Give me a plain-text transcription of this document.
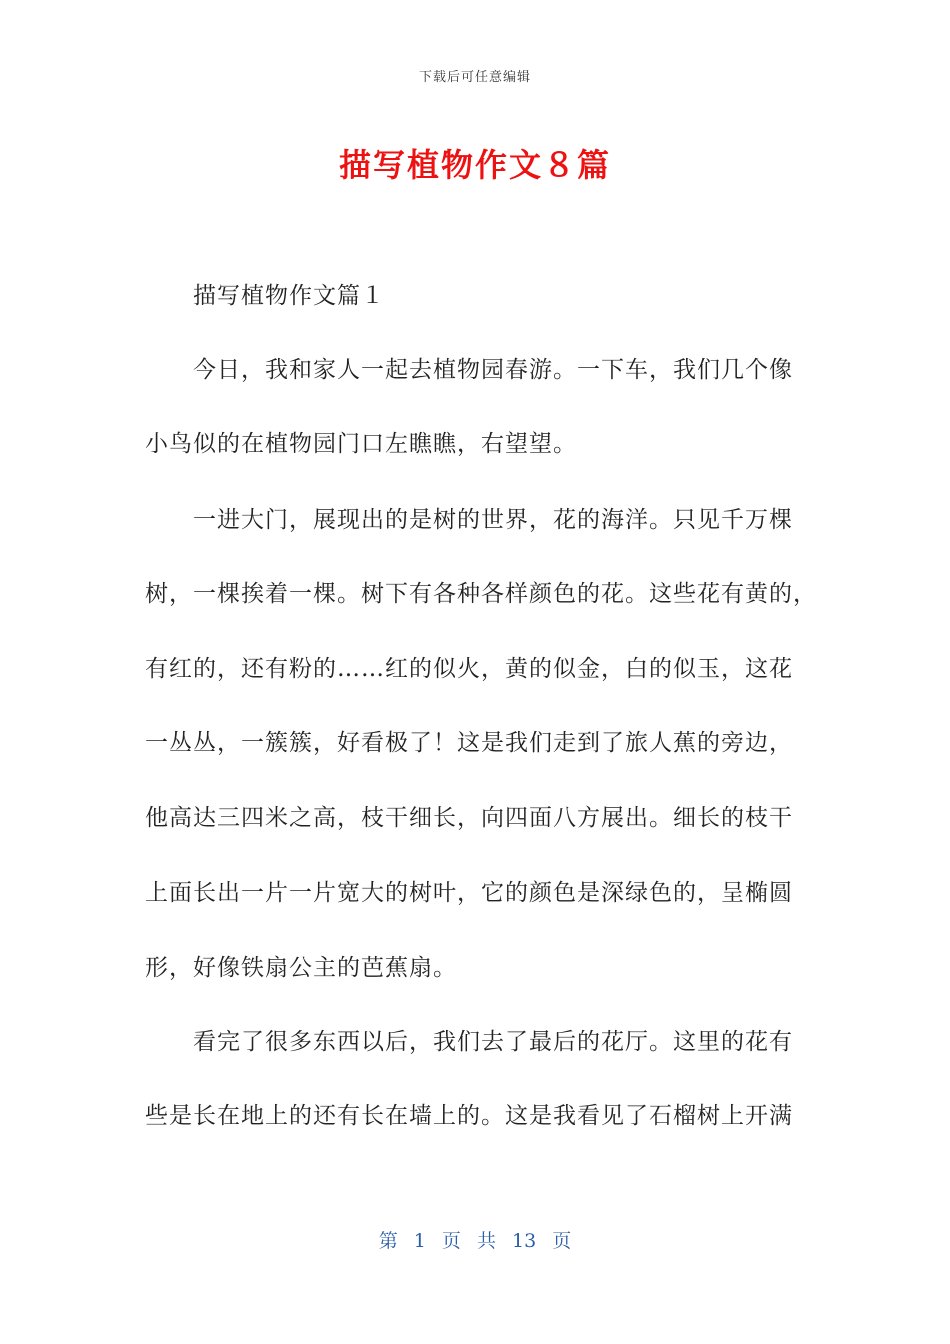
下载后可任意编辑
描写植物作文８篇
描写植物作文篇１
今日，我和家人一起去植物园春游。一下车，我们几个像
小鸟似的在植物园门口左瞧瞧，右望望。
一进大门，展现出的是树的世界，花的海洋。只见千万棵
树，一棵挨着一棵。树下有各种各样颜色的花。这些花有黄的，
有红的，还有粉的……红的似火，黄的似金，白的似玉，这花
一丛丛，一簇簇，好看极了！这是我们走到了旅人蕉的旁边，
他高达三四米之高，枝干细长，向四面八方展出。细长的枝干
上面长出一片一片宽大的树叶，它的颜色是深绿色的，呈椭圆
形，好像铁扇公主的芭蕉扇。
看完了很多东西以后，我们去了最后的花厅。这里的花有
些是长在地上的还有长在墙上的。这是我看见了石榴树上开满
第 1 页 共 13 页
